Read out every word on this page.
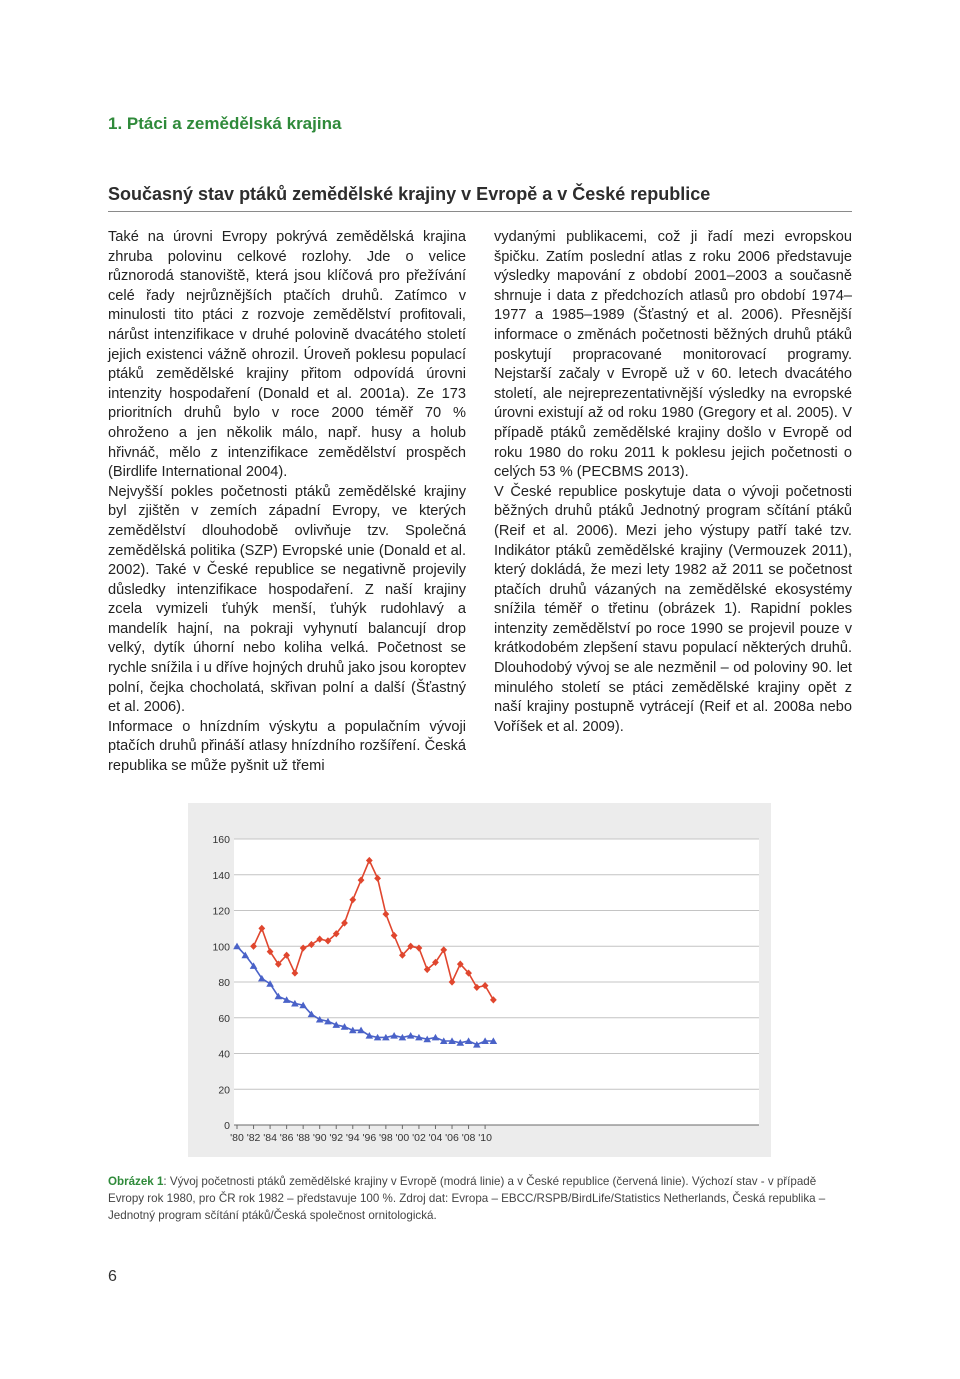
1. Ptáci a zemědělská krajina
Současný stav ptáků zemědělské krajiny v Evropě a v České republice

Také na úrovni Evropy pokrývá zemědělská krajina zhruba polovinu celkové rozlohy. Jde o velice různorodá stanoviště, která jsou klíčová pro přežívání celé řady nejrůznějších ptačích druhů. Zatímco v minulosti tito ptáci z rozvoje zemědělství profitovali, nárůst intenzifikace v druhé polovině dvacátého století jejich existenci vážně ohrozil. Úroveň poklesu populací ptáků zemědělské krajiny přitom odpovídá úrovni intenzity hospodaření (Donald et al. 2001a). Ze 173 prioritních druhů bylo v roce 2000 téměř 70 % ohroženo a jen několik málo, např. husy a holub hřivnáč, mělo z intenzifikace zemědělství prospěch (Birdlife International 2004).

Nejvyšší pokles početnosti ptáků zemědělské krajiny byl zjištěn v zemích západní Evropy, ve kterých zemědělství dlouhodobě ovlivňuje tzv. Společná zemědělská politika (SZP) Evropské unie (Donald et al. 2002). Také v České republice se negativně projevily důsledky intenzifikace hospodaření. Z naší krajiny zcela vymizeli ťuhýk menší, ťuhýk rudohlavý a mandelík hajní, na pokraji vyhynutí balancují drop velký, dytík úhorní nebo koliha velká. Početnost se rychle snížila i u dříve hojných druhů jako jsou koroptev polní, čejka chocholatá, skřivan polní a další (Šťastný et al. 2006).

Informace o hnízdním výskytu a populačním vývoji ptačích druhů přináší atlasy hnízdního rozšíření. Česká republika se může pyšnit už třemi

vydanými publikacemi, což ji řadí mezi evropskou špičku. Zatím poslední atlas z roku 2006 představuje výsledky mapování z období 2001–2003 a současně shrnuje i data z předchozích atlasů pro období 1974–1977 a 1985–1989 (Šťastný et al. 2006). Přesnější informace o změnách početnosti běžných druhů ptáků poskytují propracované monitorovací programy. Nejstarší začaly v Evropě už v 60. letech dvacátého století, ale nejreprezentativnější výsledky na evropské úrovni existují až od roku 1980 (Gregory et al. 2005). V případě ptáků zemědělské krajiny došlo v Evropě od roku 1980 do roku 2011 k poklesu jejich početnosti o celých 53 % (PECBMS 2013).

V České republice poskytuje data o vývoji početnosti běžných druhů ptáků Jednotný program sčítání ptáků (Reif et al. 2006). Mezi jeho výstupy patří také tzv. Indikátor ptáků zemědělské krajiny (Vermouzek 2011), který dokládá, že mezi lety 1982 až 2011 se početnost ptačích druhů vázaných na zemědělské ekosystémy snížila téměř o třetinu (obrázek 1). Rapidní pokles intenzity zemědělství po roce 1990 se projevil pouze v krátkodobém zlepšení stavu populací některých druhů. Dlouhodobý vývoj se ale nezměnil – od poloviny 90. let minulého století se ptáci zemědělské krajiny opět z naší krajiny postupně vytrácejí (Reif et al. 2008a nebo Voříšek et al. 2009).

0
20
40
60
80
100
120
140
160
'80 '82 '84 '86 '88 '90 '92 '94 '96 '98 '00 '02 '04 '06 '08 '10
Obrázek 1: Vývoj početnosti ptáků zemědělské krajiny v Evropě (modrá linie) a v České republice (červená linie). Výchozí stav - v případě Evropy rok 1980, pro ČR rok 1982 – představuje 100 %. Zdroj dat: Evropa – EBCC/RSPB/BirdLife/Statistics Netherlands, Česká republika – Jednotný program sčítání ptáků/Česká společnost ornitologická.
6
